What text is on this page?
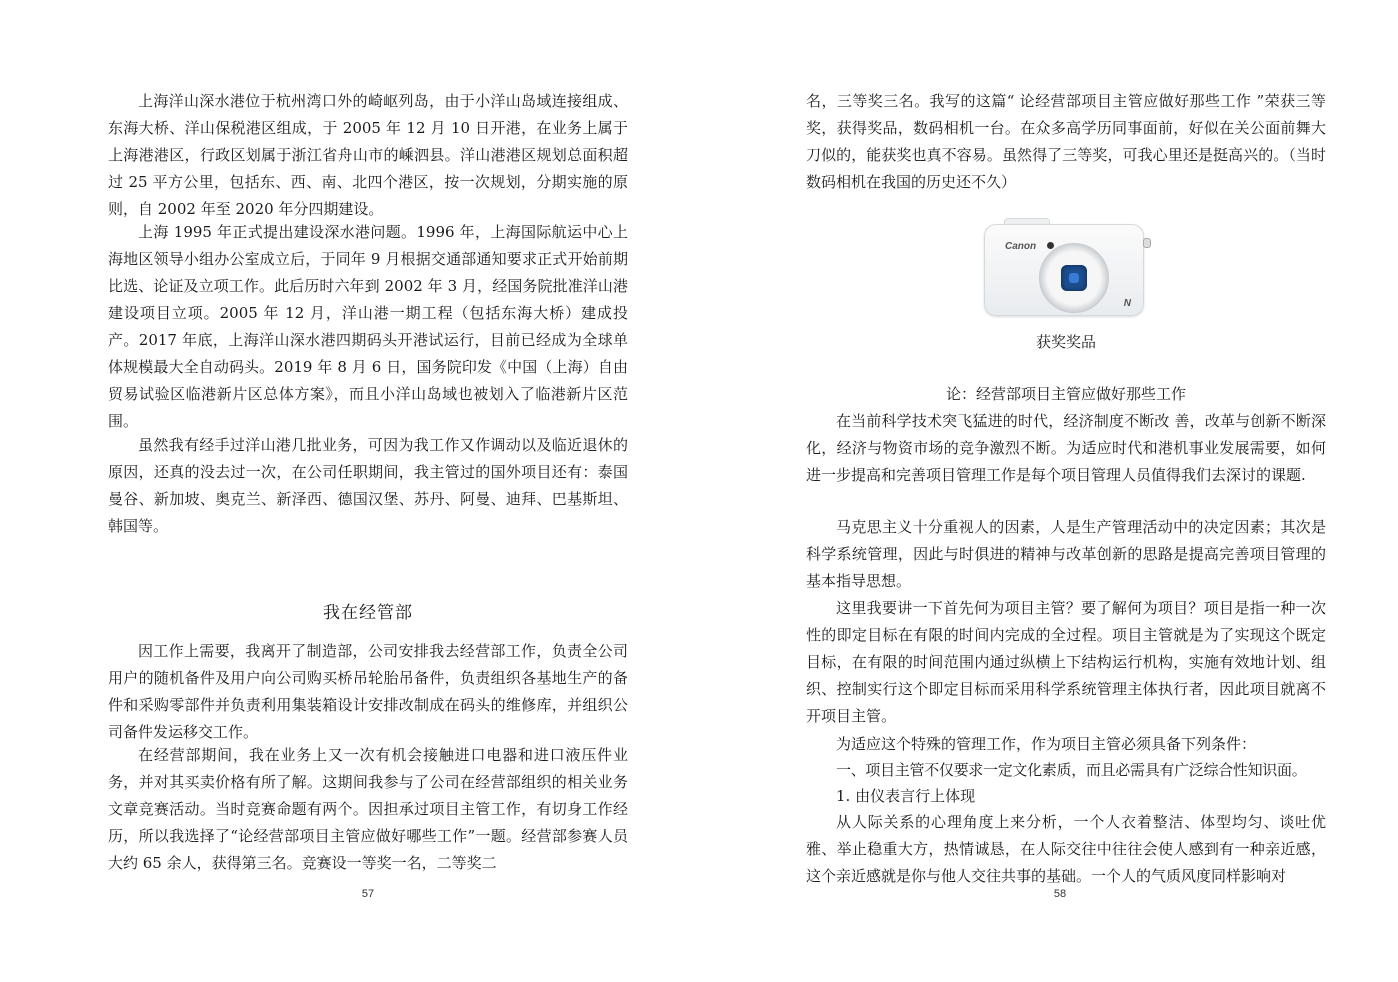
上海洋山深水港位于杭州湾口外的崎岖列岛，由于小洋山岛域连接组成、东海大桥、洋山保税港区组成，于 2005 年 12 月 10 日开港，在业务上属于上海港港区，行政区划属于浙江省舟山市的嵊泗县。洋山港港区规划总面积超过 25 平方公里，包括东、西、南、北四个港区，按一次规划，分期实施的原则，自 2002 年至 2020 年分四期建设。

上海 1995 年正式提出建设深水港问题。1996 年，上海国际航运中心上海地区领导小组办公室成立后，于同年 9 月根据交通部通知要求正式开始前期比选、论证及立项工作。此后历时六年到 2002 年 3 月，经国务院批准洋山港建设项目立项。2005 年 12 月，洋山港一期工程（包括东海大桥）建成投产。2017 年底，上海洋山深水港四期码头开港试运行，目前已经成为全球单体规模最大全自动码头。2019 年 8 月 6 日，国务院印发《中国（上海）自由贸易试验区临港新片区总体方案》，而且小洋山岛域也被划入了临港新片区范围。

虽然我有经手过洋山港几批业务，可因为我工作又作调动以及临近退休的原因，还真的没去过一次，在公司任职期间，我主管过的国外项目还有：泰国曼谷、新加坡、奥克兰、新泽西、德国汉堡、苏丹、阿曼、迪拜、巴基斯坦、韩国等。

我在经管部

因工作上需要，我离开了制造部，公司安排我去经营部工作，负责全公司用户的随机备件及用户向公司购买桥吊轮胎吊备件，负责组织各基地生产的备件和采购零部件并负责利用集装箱设计安排改制成在码头的维修库，并组织公司备件发运移交工作。

在经营部期间，我在业务上又一次有机会接触进口电器和进口液压件业务，并对其买卖价格有所了解。这期间我参与了公司在经营部组织的相关业务文章竞赛活动。当时竞赛命题有两个。因担承过项目主管工作，有切身工作经历，所以我选择了“论经营部项目主管应做好哪些工作”一题。经营部参赛人员大约 65 余人，获得第三名。竞赛设一等奖一名，二等奖二

57

名，三等奖三名。我写的这篇“ 论经营部项目主管应做好那些工作 ”荣获三等奖，获得奖品，数码相机一台。在众多高学历同事面前，好似在关公面前舞大刀似的，能获奖也真不容易。虽然得了三等奖，可我心里还是挺高兴的。（当时数码相机在我国的历史还不久）

Canon
N
获奖奖品
论：经营部项目主管应做好那些工作

在当前科学技术突飞猛进的时代，经济制度不断改 善，改革与创新不断深化，经济与物资市场的竞争激烈不断。为适应时代和港机事业发展需要，如何进一步提高和完善项目管理工作是每个项目管理人员值得我们去深讨的课题.

马克思主义十分重视人的因素，人是生产管理活动中的决定因素；其次是科学系统管理，因此与时俱进的精神与改革创新的思路是提高完善项目管理的基本指导思想。

这里我要讲一下首先何为项目主管？要了解何为项目？项目是指一种一次性的即定目标在有限的时间内完成的全过程。项目主管就是为了实现这个既定目标，在有限的时间范围内通过纵横上下结构运行机构，实施有效地计划、组织、控制实行这个即定目标而采用科学系统管理主体执行者，因此项目就离不开项目主管。

为适应这个特殊的管理工作，作为项目主管必须具备下列条件：

一、项目主管不仅要求一定文化素质，而且必需具有广泛综合性知识面。

1. 由仪表言行上体现

从人际关系的心理角度上来分析，一个人衣着整洁、体型均匀、谈吐优雅、举止稳重大方，热情诚恳，在人际交往中往往会使人感到有一种亲近感，这个亲近感就是你与他人交往共事的基础。一个人的气质风度同样影响对

58
